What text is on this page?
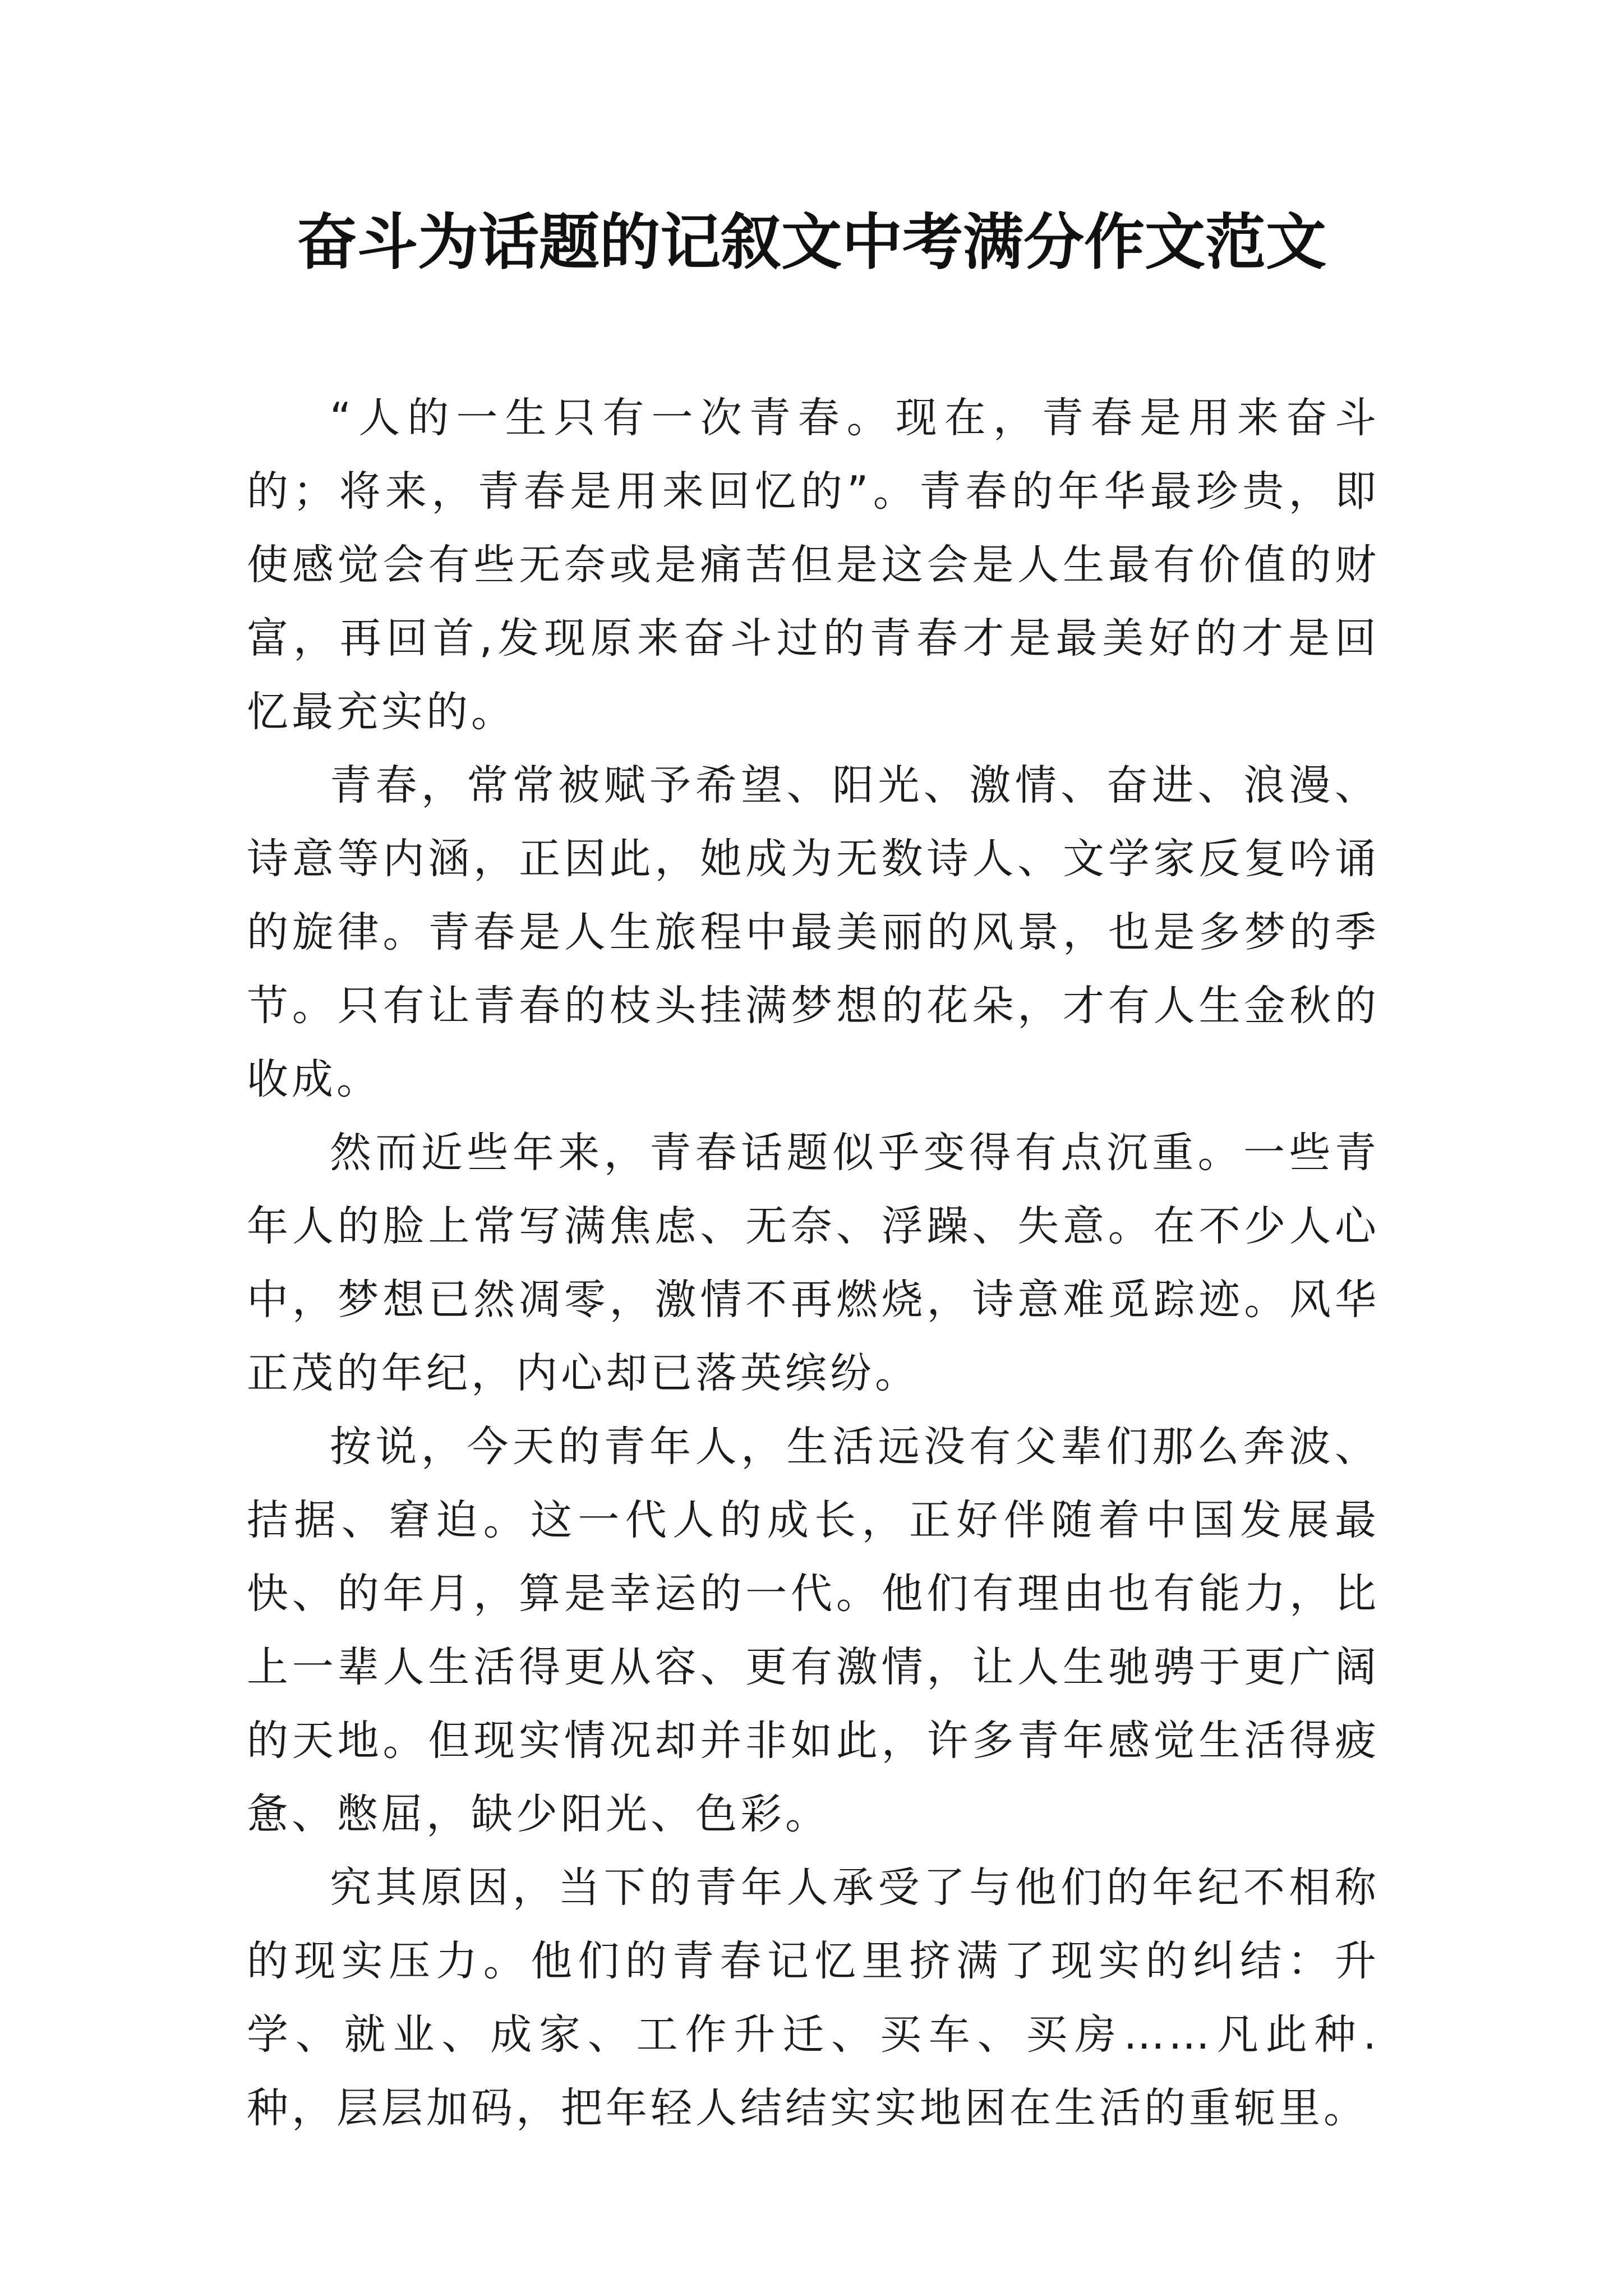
奋斗为话题的记叙文中考满分作文范文

“人的一生只有一次青春。现在，青春是用来奋斗的；将来，青春是用来回忆的”。青春的年华最珍贵，即使感觉会有些无奈或是痛苦但是这会是人生最有价值的财富，再回首,发现原来奋斗过的青春才是最美好的才是回忆最充实的。

青春，常常被赋予希望、阳光、激情、奋进、浪漫、诗意等内涵，正因此，她成为无数诗人、文学家反复吟诵的旋律。青春是人生旅程中最美丽的风景，也是多梦的季节。只有让青春的枝头挂满梦想的花朵，才有人生金秋的收成。

然而近些年来，青春话题似乎变得有点沉重。一些青年人的脸上常写满焦虑、无奈、浮躁、失意。在不少人心中，梦想已然凋零，激情不再燃烧，诗意难觅踪迹。风华正茂的年纪，内心却已落英缤纷。

按说，今天的青年人，生活远没有父辈们那么奔波、拮据、窘迫。这一代人的成长，正好伴随着中国发展最快、的年月，算是幸运的一代。他们有理由也有能力，比上一辈人生活得更从容、更有激情，让人生驰骋于更广阔的天地。但现实情况却并非如此，许多青年感觉生活得疲惫、憋屈，缺少阳光、色彩。

究其原因，当下的青年人承受了与他们的年纪不相称的现实压力。他们的青春记忆里挤满了现实的纠结：升学、就业、成家、工作升迁、买车、买房……凡此种.种，层层加码，把年轻人结结实实地困在生活的重轭里。
